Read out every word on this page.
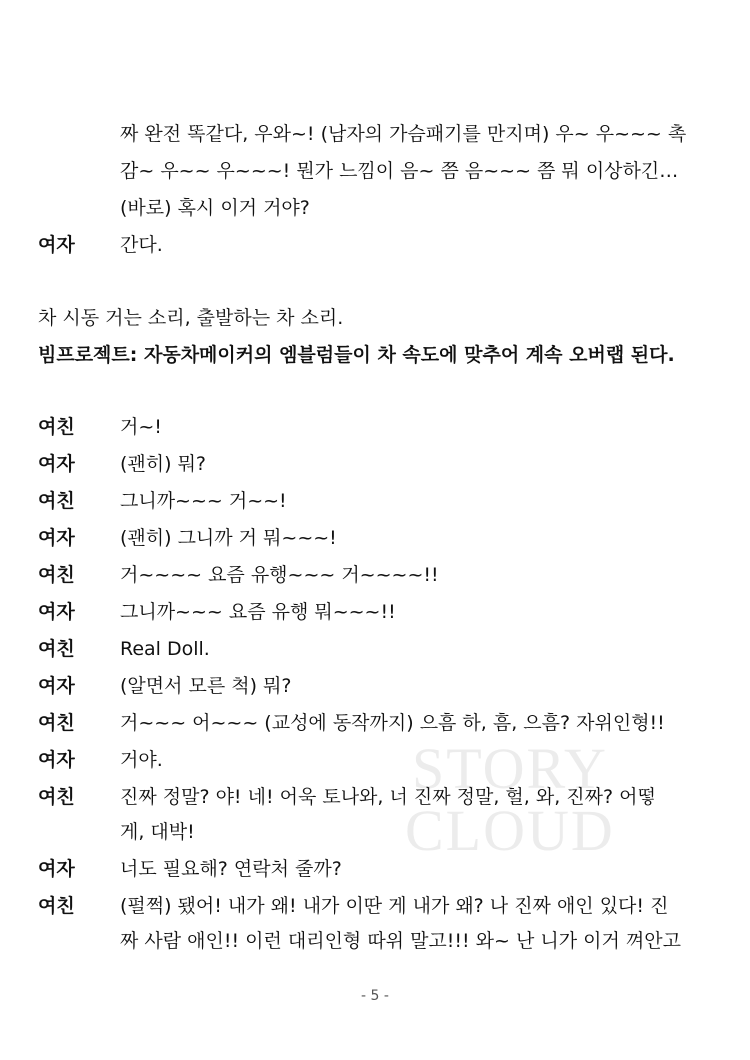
STORY
CLOUD
짜 완전 똑같다, 우와~! (남자의 가슴패기를 만지며) 우~ 우~~~ 촉
감~ 우~~ 우~~~! 뭔가 느낌이 음~ 쯤 음~~~ 쯤 뭐 이상하긴…
(바로) 혹시 이거 거야?
여자 간다.
차 시동 거는 소리, 출발하는 차 소리.
빔프로젝트: 자동차메이커의 엠블럼들이 차 속도에 맞추어 계속 오버랩 된다.
여친 거~!
여자 (괜히) 뭐?
여친 그니까~~~ 거~~!
여자 (괜히) 그니까 거 뭐~~~!
여친 거~~~~ 요즘 유행~~~ 거~~~~!!
여자 그니까~~~ 요즘 유행 뭐~~~!!
여친 Real Doll.
여자 (알면서 모른 척) 뭐?
여친 거~~~ 어~~~ (교성에 동작까지) 으흠 하, 흠, 으흠? 자위인형!!
여자 거야.
여친 진짜 정말? 야! 네! 어욱 토나와, 너 진짜 정말, 헐, 와, 진짜? 어떻
게, 대박!
여자 너도 필요해? 연락처 줄까?
여친 (펄쩍) 됐어! 내가 왜! 내가 이딴 게 내가 왜? 나 진짜 애인 있다! 진
짜 사람 애인!! 이런 대리인형 따위 말고!!! 와~ 난 니가 이거 껴안고
- 5 -
